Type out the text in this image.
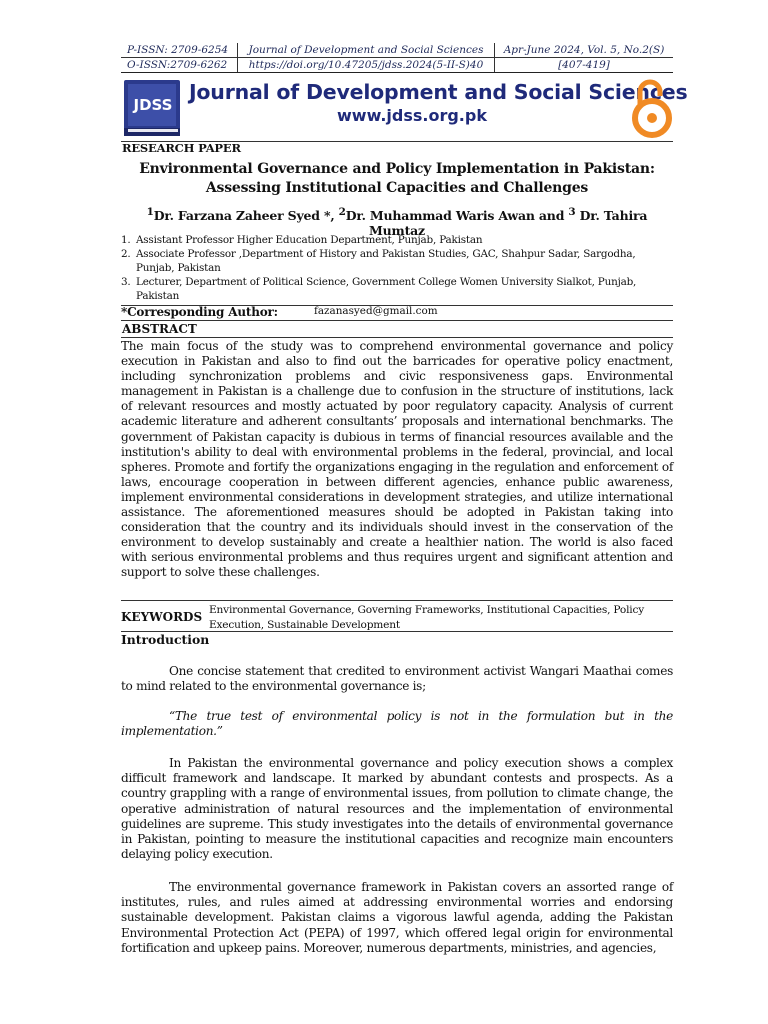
P-ISSN: 2709-6254	Journal of Development and Social Sciences	Apr-June 2024, Vol. 5, No.2(S)
O-ISSN:2709-6262	https://doi.org/10.47205/jdss.2024(5-II-S)40	[407-419]
JDSS
Journal of Development and Social Sciences
www.jdss.org.pk
RESEARCH PAPER
Environmental Governance and Policy Implementation in Pakistan:
Assessing Institutional Capacities and Challenges
$^1$Dr. Farzana Zaheer Syed *, $^2$Dr. Muhammad Waris Awan and $^3$ Dr. Tahira Mumtaz
1. Assistant Professor Higher Education Department, Punjab, Pakistan
2. Associate Professor ,Department of History and Pakistan Studies, GAC, Shahpur Sadar, Sargodha, Punjab, Pakistan
3. Lecturer, Department of Political Science, Government College Women University Sialkot, Punjab, Pakistan
*Corresponding Author:	fazanasyed@gmail.com
ABSTRACT
The main focus of the study was to comprehend environmental governance and policy execution in Pakistan and also to find out the barricades for operative policy enactment, including synchronization problems and civic responsiveness gaps. Environmental management in Pakistan is a challenge due to confusion in the structure of institutions, lack of relevant resources and mostly actuated by poor regulatory capacity. Analysis of current academic literature and adherent consultants’ proposals and international benchmarks. The government of Pakistan capacity is dubious in terms of financial resources available and the institution's ability to deal with environmental problems in the federal, provincial, and local spheres. Promote and fortify the organizations engaging in the regulation and enforcement of laws, encourage cooperation in between different agencies, enhance public awareness, implement environmental considerations in development strategies, and utilize international assistance. The aforementioned measures should be adopted in Pakistan taking into consideration that the country and its individuals should invest in the conservation of the environment to develop sustainably and create a healthier nation. The world is also faced with serious environmental problems and thus requires urgent and significant attention and support to solve these challenges.
KEYWORDS Environmental Governance, Governing Frameworks, Institutional Capacities, Policy Execution, Sustainable Development
Introduction
One concise statement that credited to environment activist Wangari Maathai comes to mind related to the environmental governance is;
“The true test of environmental policy is not in the formulation but in the implementation.”
In Pakistan the environmental governance and policy execution shows a complex difficult framework and landscape. It marked by abundant contests and prospects. As a country grappling with a range of environmental issues, from pollution to climate change, the operative administration of natural resources and the implementation of environmental guidelines are supreme. This study investigates into the details of environmental governance in Pakistan, pointing to measure the institutional capacities and recognize main encounters delaying policy execution.
The environmental governance framework in Pakistan covers an assorted range of institutes, rules, and rules aimed at addressing environmental worries and endorsing sustainable development. Pakistan claims a vigorous lawful agenda, adding the Pakistan Environmental Protection Act (PEPA) of 1997, which offered legal origin for environmental fortification and upkeep pains. Moreover, numerous departments, ministries, and agencies,
